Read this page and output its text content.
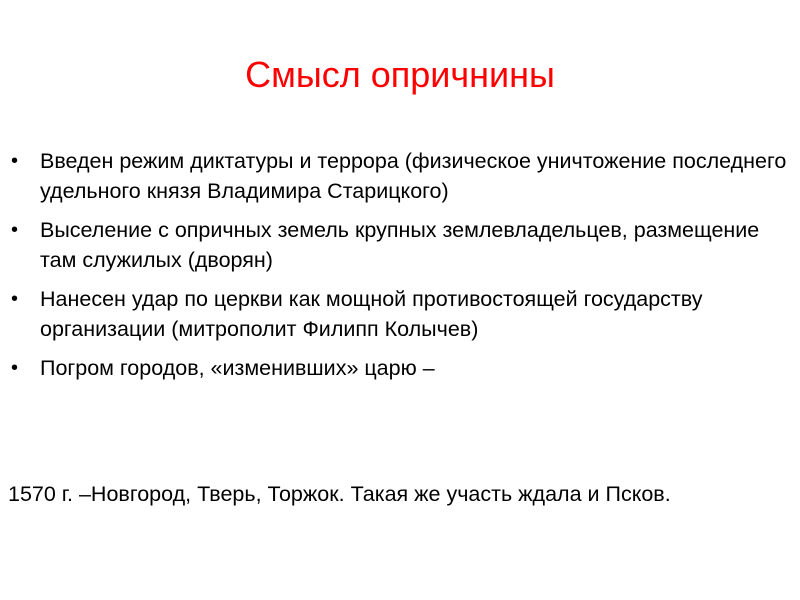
Смысл опричнины
• Введен режим диктатуры и террора (физическое уничтожение последнего удельного князя Владимира Старицкого)
• Выселение с опричных земель крупных землевладельцев, размещение там служилых (дворян)
• Нанесен удар по церкви как мощной противостоящей государству организации (митрополит Филипп Колычев)
• Погром городов, «изменивших» царю –

1570 г. –Новгород, Тверь, Торжок. Такая же участь ждала и Псков.
